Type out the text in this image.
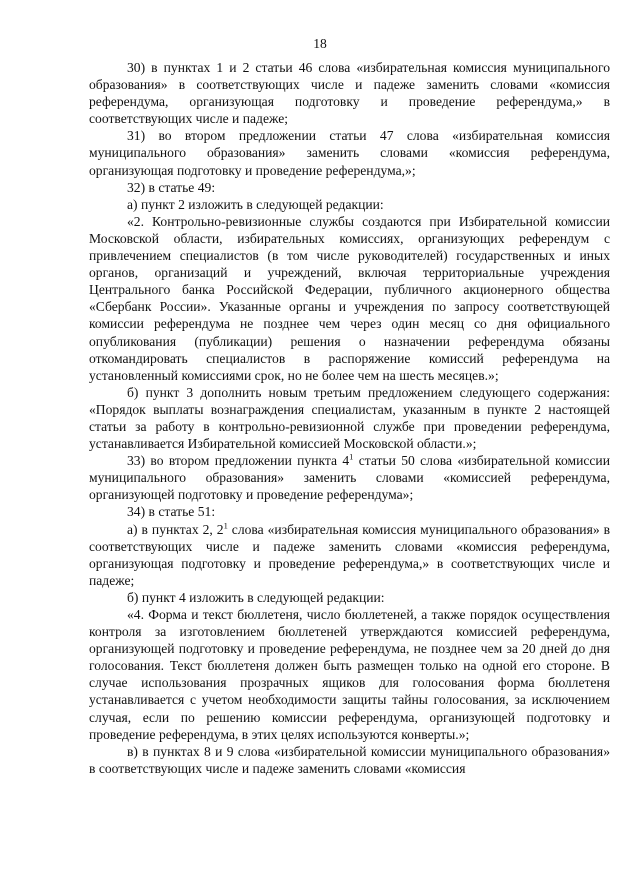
18

30) в пунктах 1 и 2 статьи 46 слова «избирательная комиссия муниципального образования» в соответствующих числе и падеже заменить словами «комиссия референдума, организующая подготовку и проведение референдума,» в соответствующих числе и падеже;

31) во втором предложении статьи 47 слова «избирательная комиссия муниципального образования» заменить словами «комиссия референдума, организующая подготовку и проведение референдума,»;

32) в статье 49:

а) пункт 2 изложить в следующей редакции:

«2. Контрольно-ревизионные службы создаются при Избирательной комиссии Московской области, избирательных комиссиях, организующих референдум с привлечением специалистов (в том числе руководителей) государственных и иных органов, организаций и учреждений, включая территориальные учреждения Центрального банка Российской Федерации, публичного акционерного общества «Сбербанк России». Указанные органы и учреждения по запросу соответствующей комиссии референдума не позднее чем через один месяц со дня официального опубликования (публикации) решения о назначении референдума обязаны откомандировать специалистов в распоряжение комиссий референдума на установленный комиссиями срок, но не более чем на шесть месяцев.»;

б) пункт 3 дополнить новым третьим предложением следующего содержания: «Порядок выплаты вознаграждения специалистам, указанным в пункте 2 настоящей статьи за работу в контрольно-ревизионной службе при проведении референдума, устанавливается Избирательной комиссией Московской области.»;

33) во втором предложении пункта $4^1$ статьи 50 слова «избирательной комиссии муниципального образования» заменить словами «комиссией референдума, организующей подготовку и проведение референдума»;

34) в статье 51:

а) в пунктах 2, $2^1$ слова «избирательная комиссия муниципального образования» в соответствующих числе и падеже заменить словами «комиссия референдума, организующая подготовку и проведение референдума,» в соответствующих числе и падеже;

б) пункт 4 изложить в следующей редакции:

«4. Форма и текст бюллетеня, число бюллетеней, а также порядок осуществления контроля за изготовлением бюллетеней утверждаются комиссией референдума, организующей подготовку и проведение референдума, не позднее чем за 20 дней до дня голосования. Текст бюллетеня должен быть размещен только на одной его стороне. В случае использования прозрачных ящиков для голосования форма бюллетеня устанавливается с учетом необходимости защиты тайны голосования, за исключением случая, если по решению комиссии референдума, организующей подготовку и проведение референдума, в этих целях используются конверты.»;

в) в пунктах 8 и 9 слова «избирательной комиссии муниципального образования» в соответствующих числе и падеже заменить словами «комиссия
